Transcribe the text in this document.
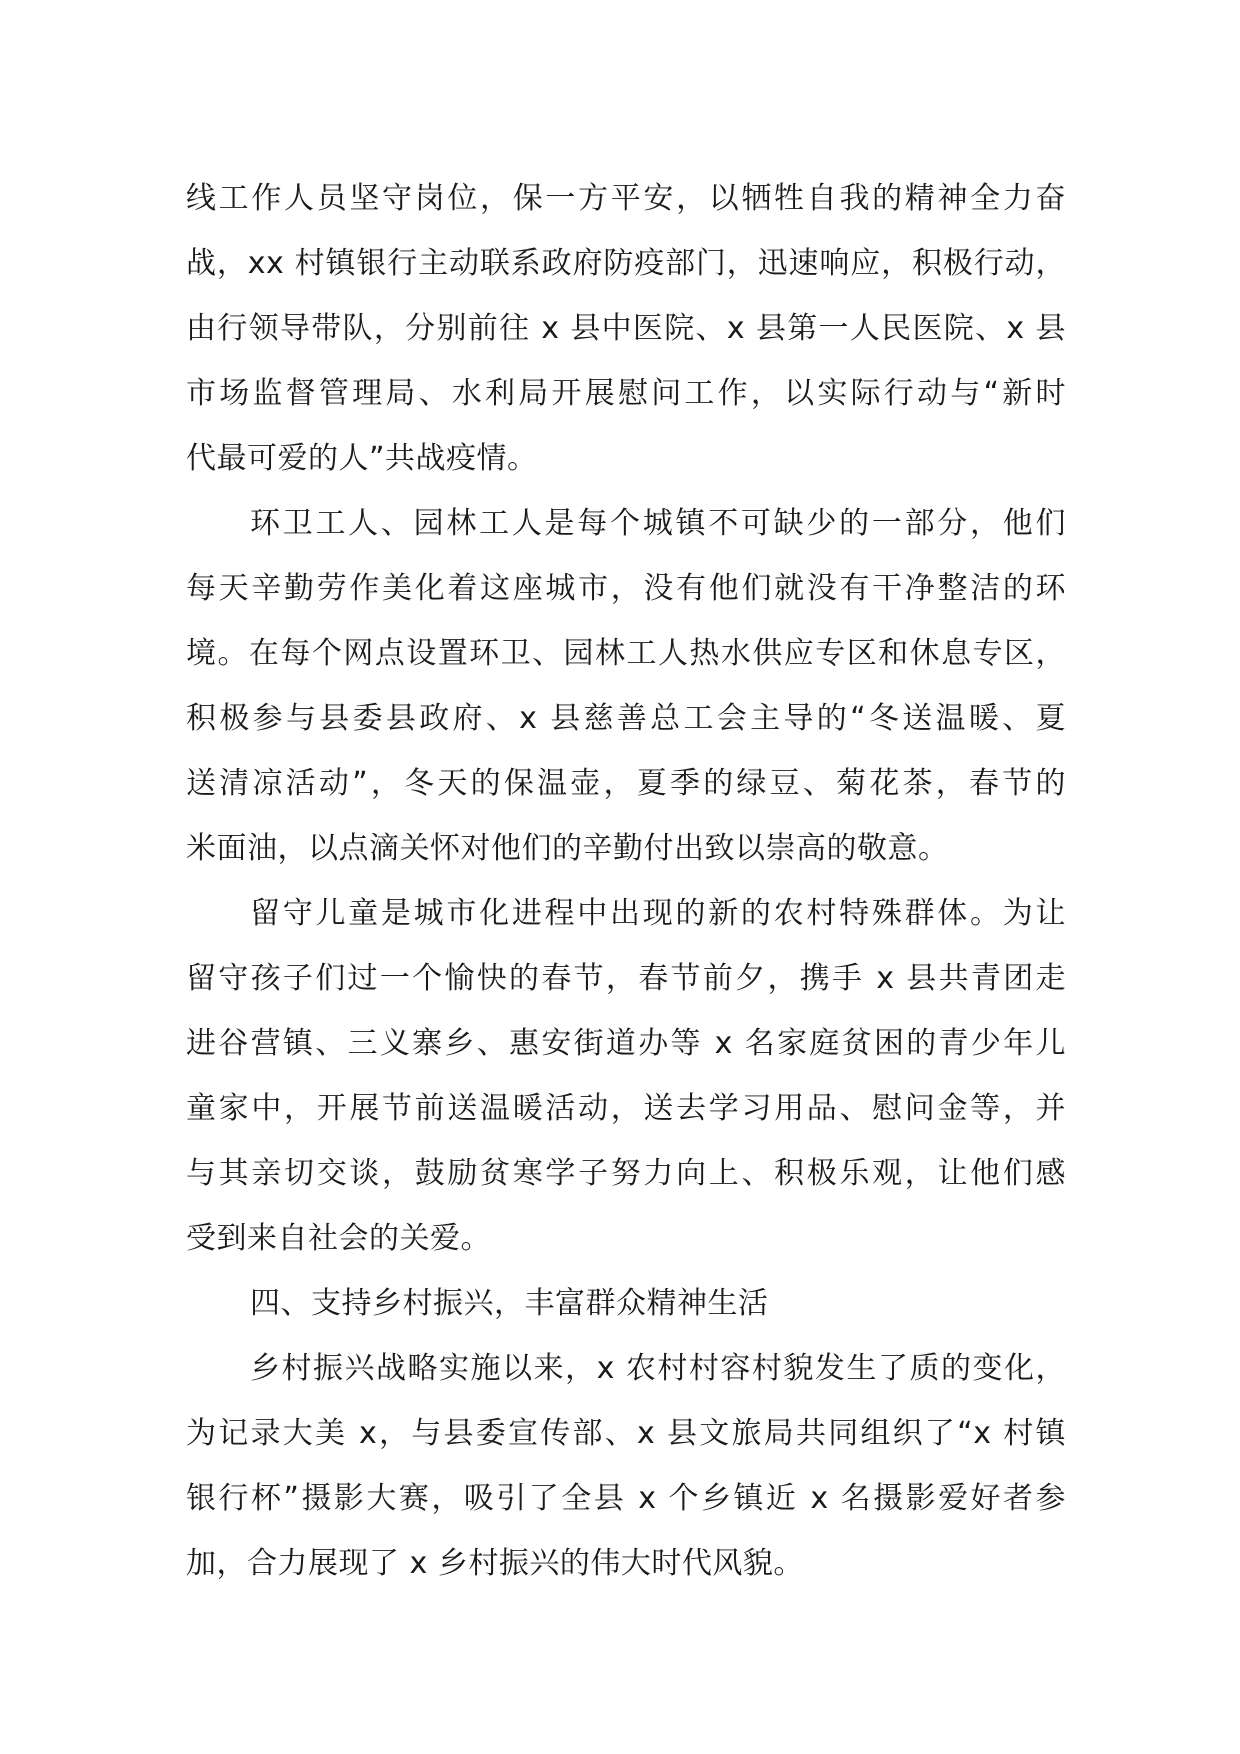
线工作人员坚守岗位，保一方平安，以牺牲自我的精神全力奋
战，xx 村镇银行主动联系政府防疫部门，迅速响应，积极行动，
由行领导带队，分别前往 x 县中医院、x 县第一人民医院、x 县
市场监督管理局、水利局开展慰问工作，以实际行动与“新时
代最可爱的人”共战疫情。
环卫工人、园林工人是每个城镇不可缺少的一部分，他们
每天辛勤劳作美化着这座城市，没有他们就没有干净整洁的环
境。在每个网点设置环卫、园林工人热水供应专区和休息专区，
积极参与县委县政府、x 县慈善总工会主导的“冬送温暖、夏
送清凉活动”，冬天的保温壶，夏季的绿豆、菊花茶，春节的
米面油，以点滴关怀对他们的辛勤付出致以崇高的敬意。
留守儿童是城市化进程中出现的新的农村特殊群体。为让
留守孩子们过一个愉快的春节，春节前夕，携手 x 县共青团走
进谷营镇、三义寨乡、惠安街道办等 x 名家庭贫困的青少年儿
童家中，开展节前送温暖活动，送去学习用品、慰问金等，并
与其亲切交谈，鼓励贫寒学子努力向上、积极乐观，让他们感
受到来自社会的关爱。
四、支持乡村振兴，丰富群众精神生活
乡村振兴战略实施以来，x 农村村容村貌发生了质的变化，
为记录大美 x，与县委宣传部、x 县文旅局共同组织了“x 村镇
银行杯”摄影大赛，吸引了全县 x 个乡镇近 x 名摄影爱好者参
加，合力展现了 x 乡村振兴的伟大时代风貌。
